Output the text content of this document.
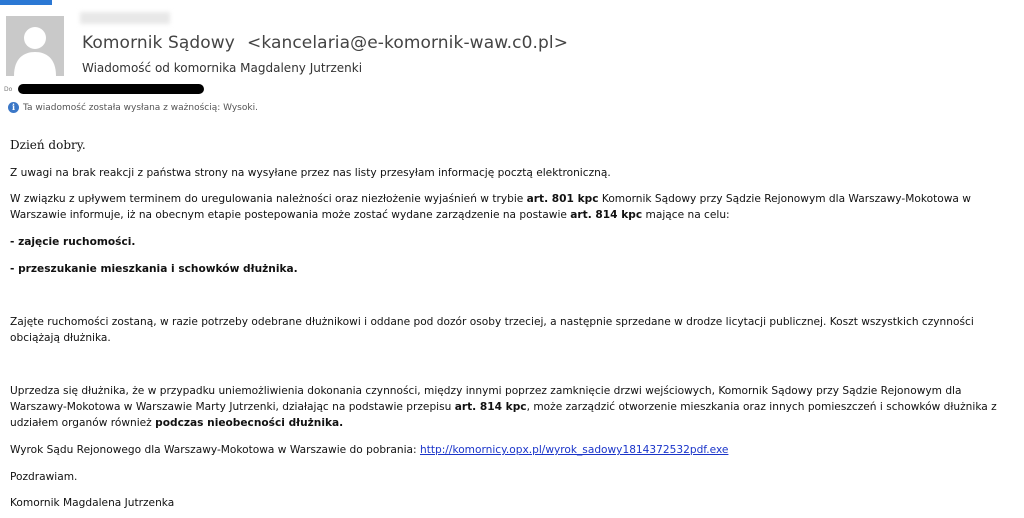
Komornik Sądowy <kancelaria@e-komornik-waw.c0.pl>
Wiadomość od komornika Magdaleny Jutrzenki
Do
i Ta wiadomość została wysłana z ważnością: Wysoki.

Dzień dobry.

Z uwagi na brak reakcji z państwa strony na wysyłane przez nas listy przesyłam informację pocztą elektroniczną.

W związku z upływem terminem do uregulowania należności oraz niezłożenie wyjaśnień w trybie art. 801 kpc Komornik Sądowy przy Sądzie Rejonowym dla Warszawy-Mokotowa w Warszawie informuje, iż na obecnym etapie postepowania może zostać wydane zarządzenie na postawie art. 814 kpc mające na celu:

- zajęcie ruchomości.

- przeszukanie mieszkania i schowków dłużnika.

Zajęte ruchomości zostaną, w razie potrzeby odebrane dłużnikowi i oddane pod dozór osoby trzeciej, a następnie sprzedane w drodze licytacji publicznej. Koszt wszystkich czynności obciążają dłużnika.

Uprzedza się dłużnika, że w przypadku uniemożliwienia dokonania czynności, między innymi poprzez zamknięcie drzwi wejściowych, Komornik Sądowy przy Sądzie Rejonowym dla Warszawy-Mokotowa w Warszawie Marty Jutrzenki, działając na podstawie przepisu art. 814 kpc, może zarządzić otworzenie mieszkania oraz innych pomieszczeń i schowków dłużnika z udziałem organów również podczas nieobecności dłużnika.

Wyrok Sądu Rejonowego dla Warszawy-Mokotowa w Warszawie do pobrania: http://komornicy.opx.pl/wyrok_sadowy1814372532pdf.exe

Pozdrawiam.

Komornik Magdalena Jutrzenka
